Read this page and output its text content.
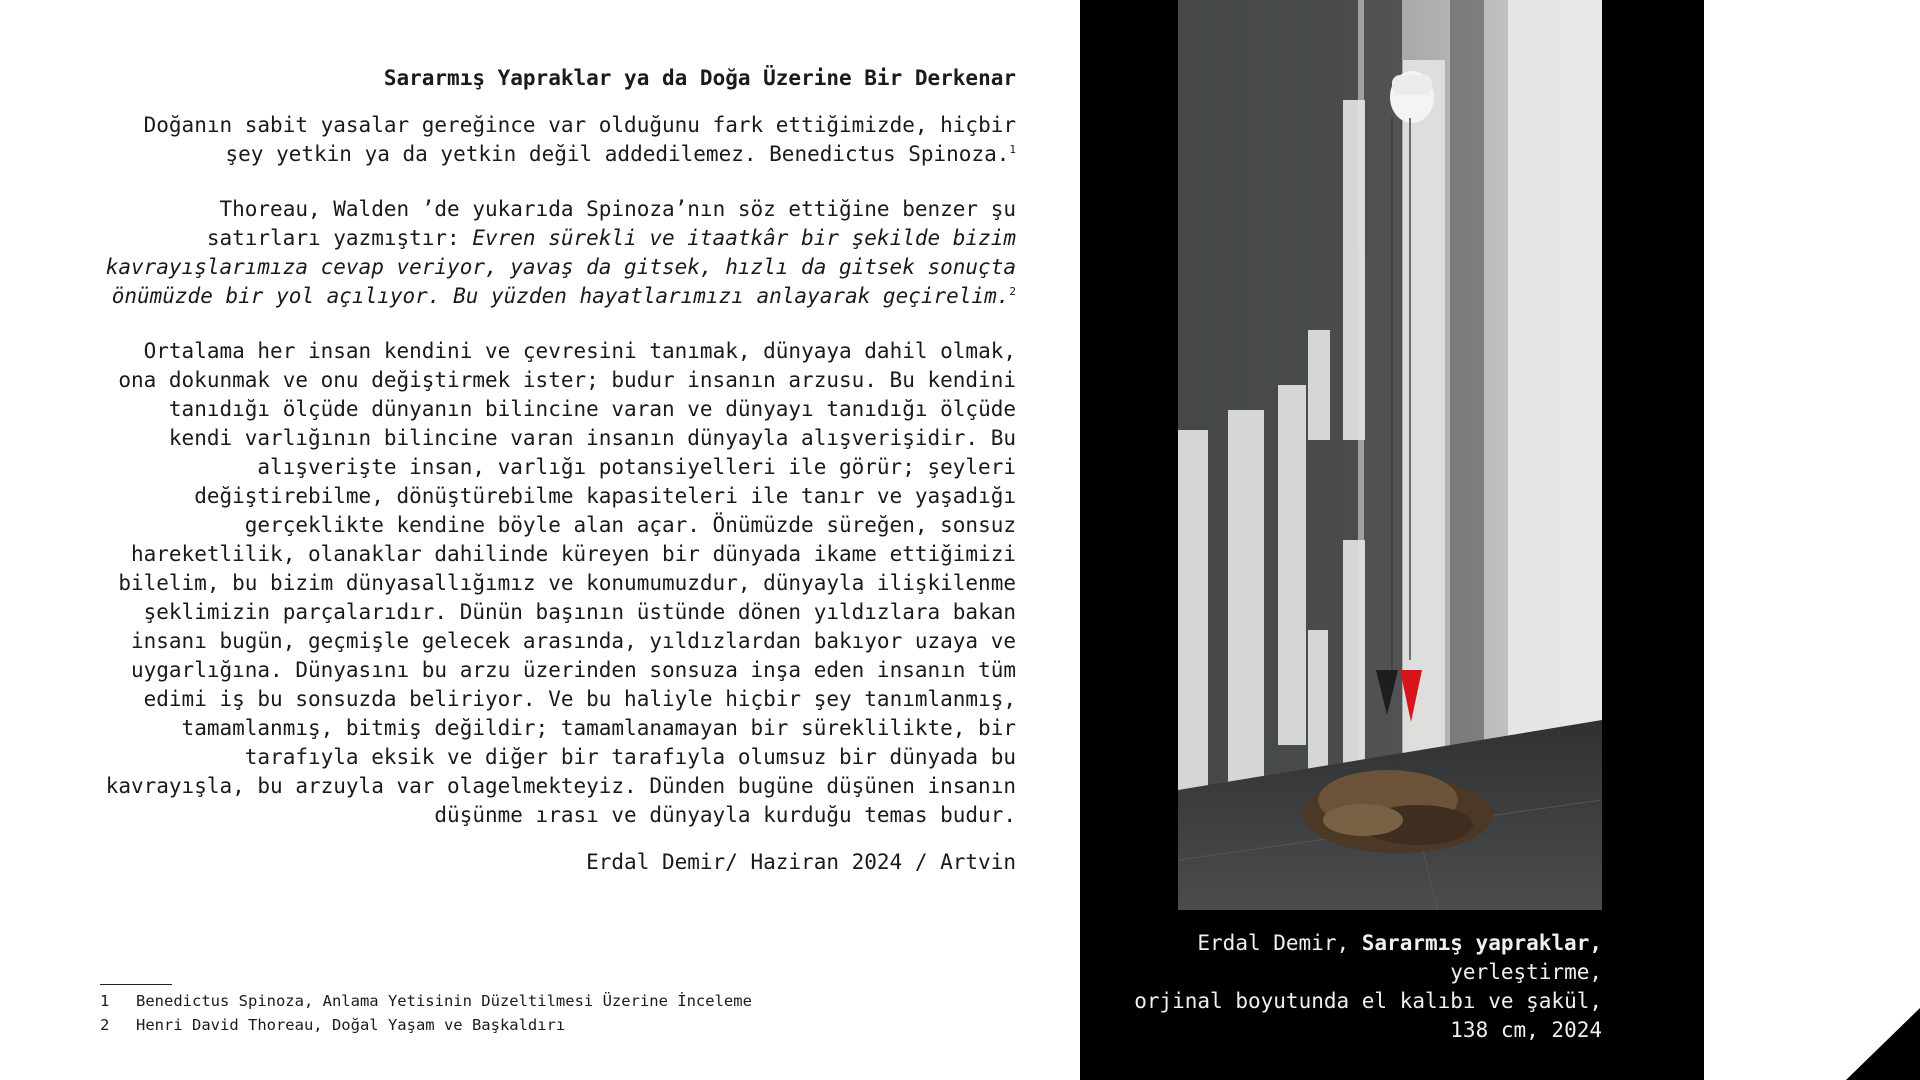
Sararmış Yapraklar ya da Doğa Üzerine Bir Derkenar
Doğanın sabit yasalar gereğince var olduğunu fark ettiğimizde, hiçbir şey yetkin ya da yetkin değil addedilemez. Benedictus Spinoza.$^1$
Thoreau, Walden ’de yukarıda Spinoza’nın söz ettiğine benzer şu satırları yazmıştır: Evren sürekli ve itaatkâr bir şekilde bizim kavrayışlarımıza cevap veriyor, yavaş da gitsek, hızlı da gitsek sonuçta önümüzde bir yol açılıyor. Bu yüzden hayatlarımızı anlayarak geçirelim.$^2$
Ortalama her insan kendini ve çevresini tanımak, dünyaya dahil olmak, ona dokunmak ve onu değiştirmek ister; budur insanın arzusu. Bu kendini tanıdığı ölçüde dünyanın bilincine varan ve dünyayı tanıdığı ölçüde kendi varlığının bilincine varan insanın dünyayla alışverişidir. Bu alışverişte insan, varlığı potansiyelleri ile görür; şeyleri değiştirebilme, dönüştürebilme kapasiteleri ile tanır ve yaşadığı gerçeklikte kendine böyle alan açar. Önümüzde süreğen, sonsuz hareketlilik, olanaklar dahilinde küreyen bir dünyada ikame ettiğimizi bilelim, bu bizim dünyasallığımız ve konumumuzdur, dünyayla ilişkilenme şeklimizin parçalarıdır. Dünün başının üstünde dönen yıldızlara bakan insanı bugün, geçmişle gelecek arasında, yıldızlardan bakıyor uzaya ve uygarlığına. Dünyasını bu arzu üzerinden sonsuza inşa eden insanın tüm edimi iş bu sonsuzda beliriyor. Ve bu haliyle hiçbir şey tanımlanmış, tamamlanmış, bitmiş değildir; tamamlanamayan bir süreklilikte, bir tarafıyla eksik ve diğer bir tarafıyla olumsuz bir dünyada bu kavrayışla, bu arzuyla var olagelmekteyiz. Dünden bugüne düşünen insanın düşünme ırası ve dünyayla kurduğu temas budur.
Erdal Demir/ Haziran 2024 / Artvin
1	Benedictus Spinoza, Anlama Yetisinin Düzeltilmesi Üzerine İnceleme
2	Henri David Thoreau, Doğal Yaşam ve Başkaldırı
Erdal Demir, Sararmış yapraklar,
yerleştirme,
orjinal boyutunda el kalıbı ve şakül,
138 cm, 2024
